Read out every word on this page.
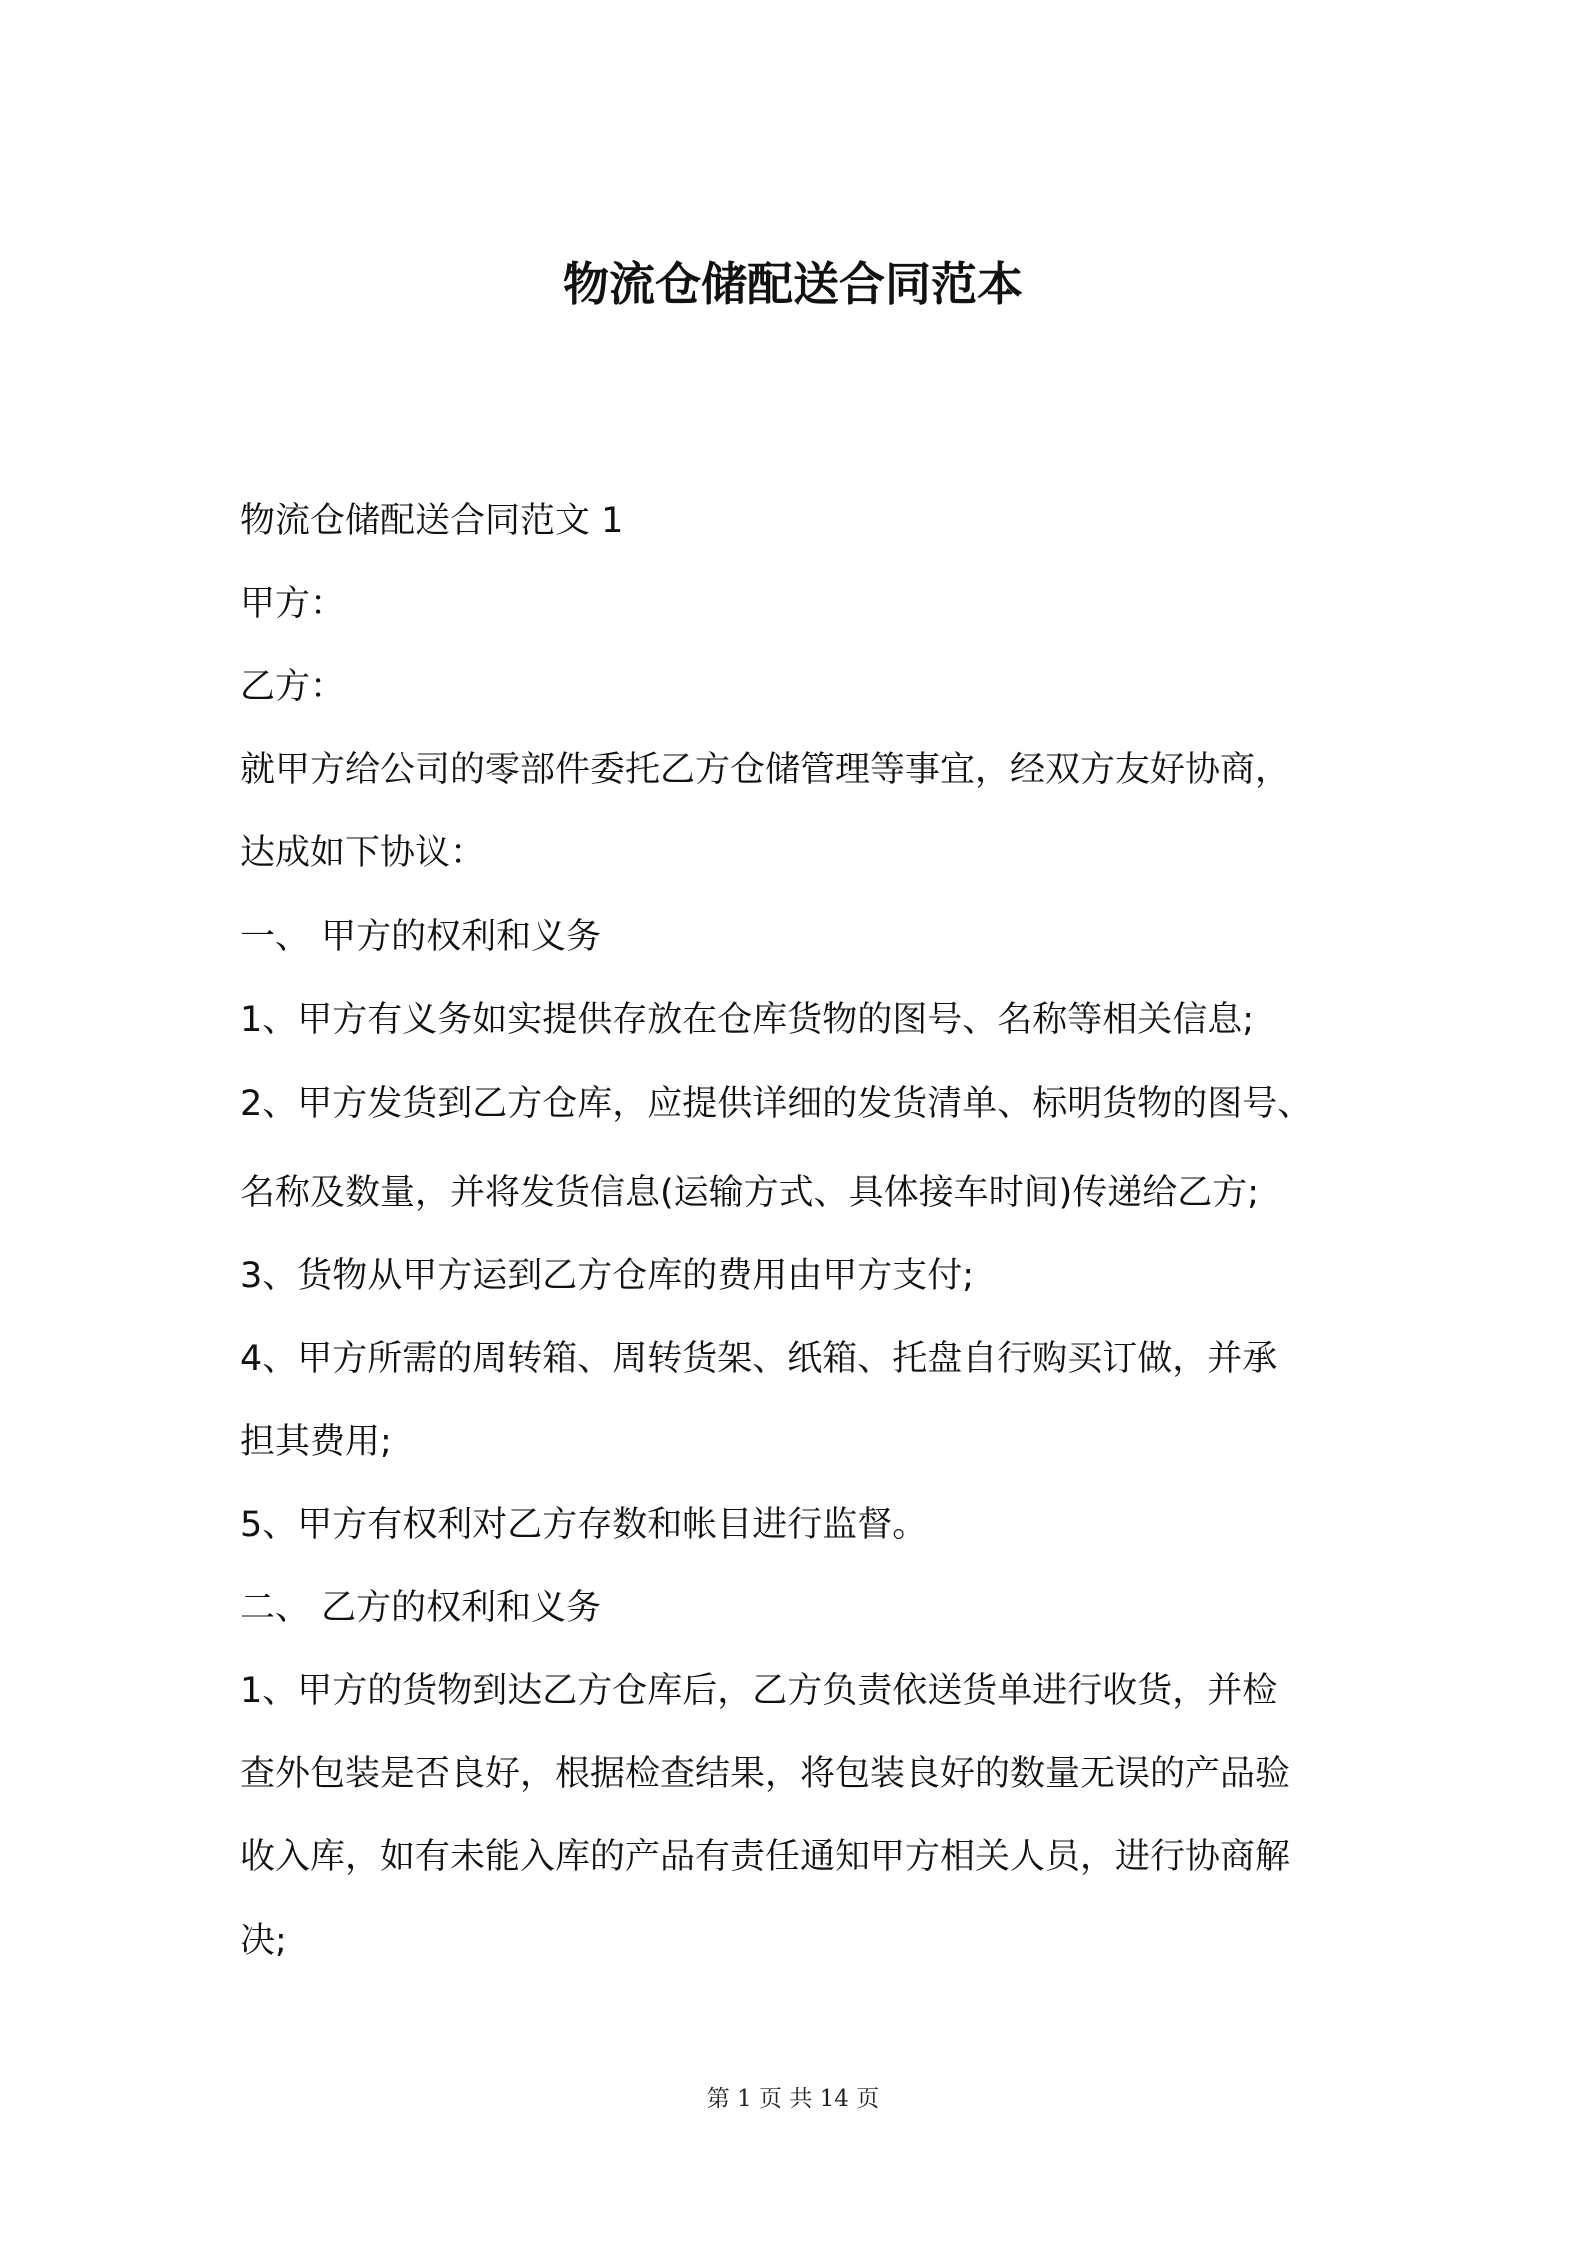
物流仓储配送合同范本
物流仓储配送合同范文 1
甲方：
乙方：
就甲方给公司的零部件委托乙方仓储管理等事宜，经双方友好协商，
达成如下协议：
一、 甲方的权利和义务
1、甲方有义务如实提供存放在仓库货物的图号、名称等相关信息;
2、甲方发货到乙方仓库，应提供详细的发货清单、标明货物的图号、
名称及数量，并将发货信息(运输方式、具体接车时间)传递给乙方;
3、货物从甲方运到乙方仓库的费用由甲方支付;
4、甲方所需的周转箱、周转货架、纸箱、托盘自行购买订做，并承
担其费用;
5、甲方有权利对乙方存数和帐目进行监督。
二、 乙方的权利和义务
1、甲方的货物到达乙方仓库后，乙方负责依送货单进行收货，并检
查外包装是否良好，根据检查结果，将包装良好的数量无误的产品验
收入库，如有未能入库的产品有责任通知甲方相关人员，进行协商解
决;
第 1 页 共 14 页
